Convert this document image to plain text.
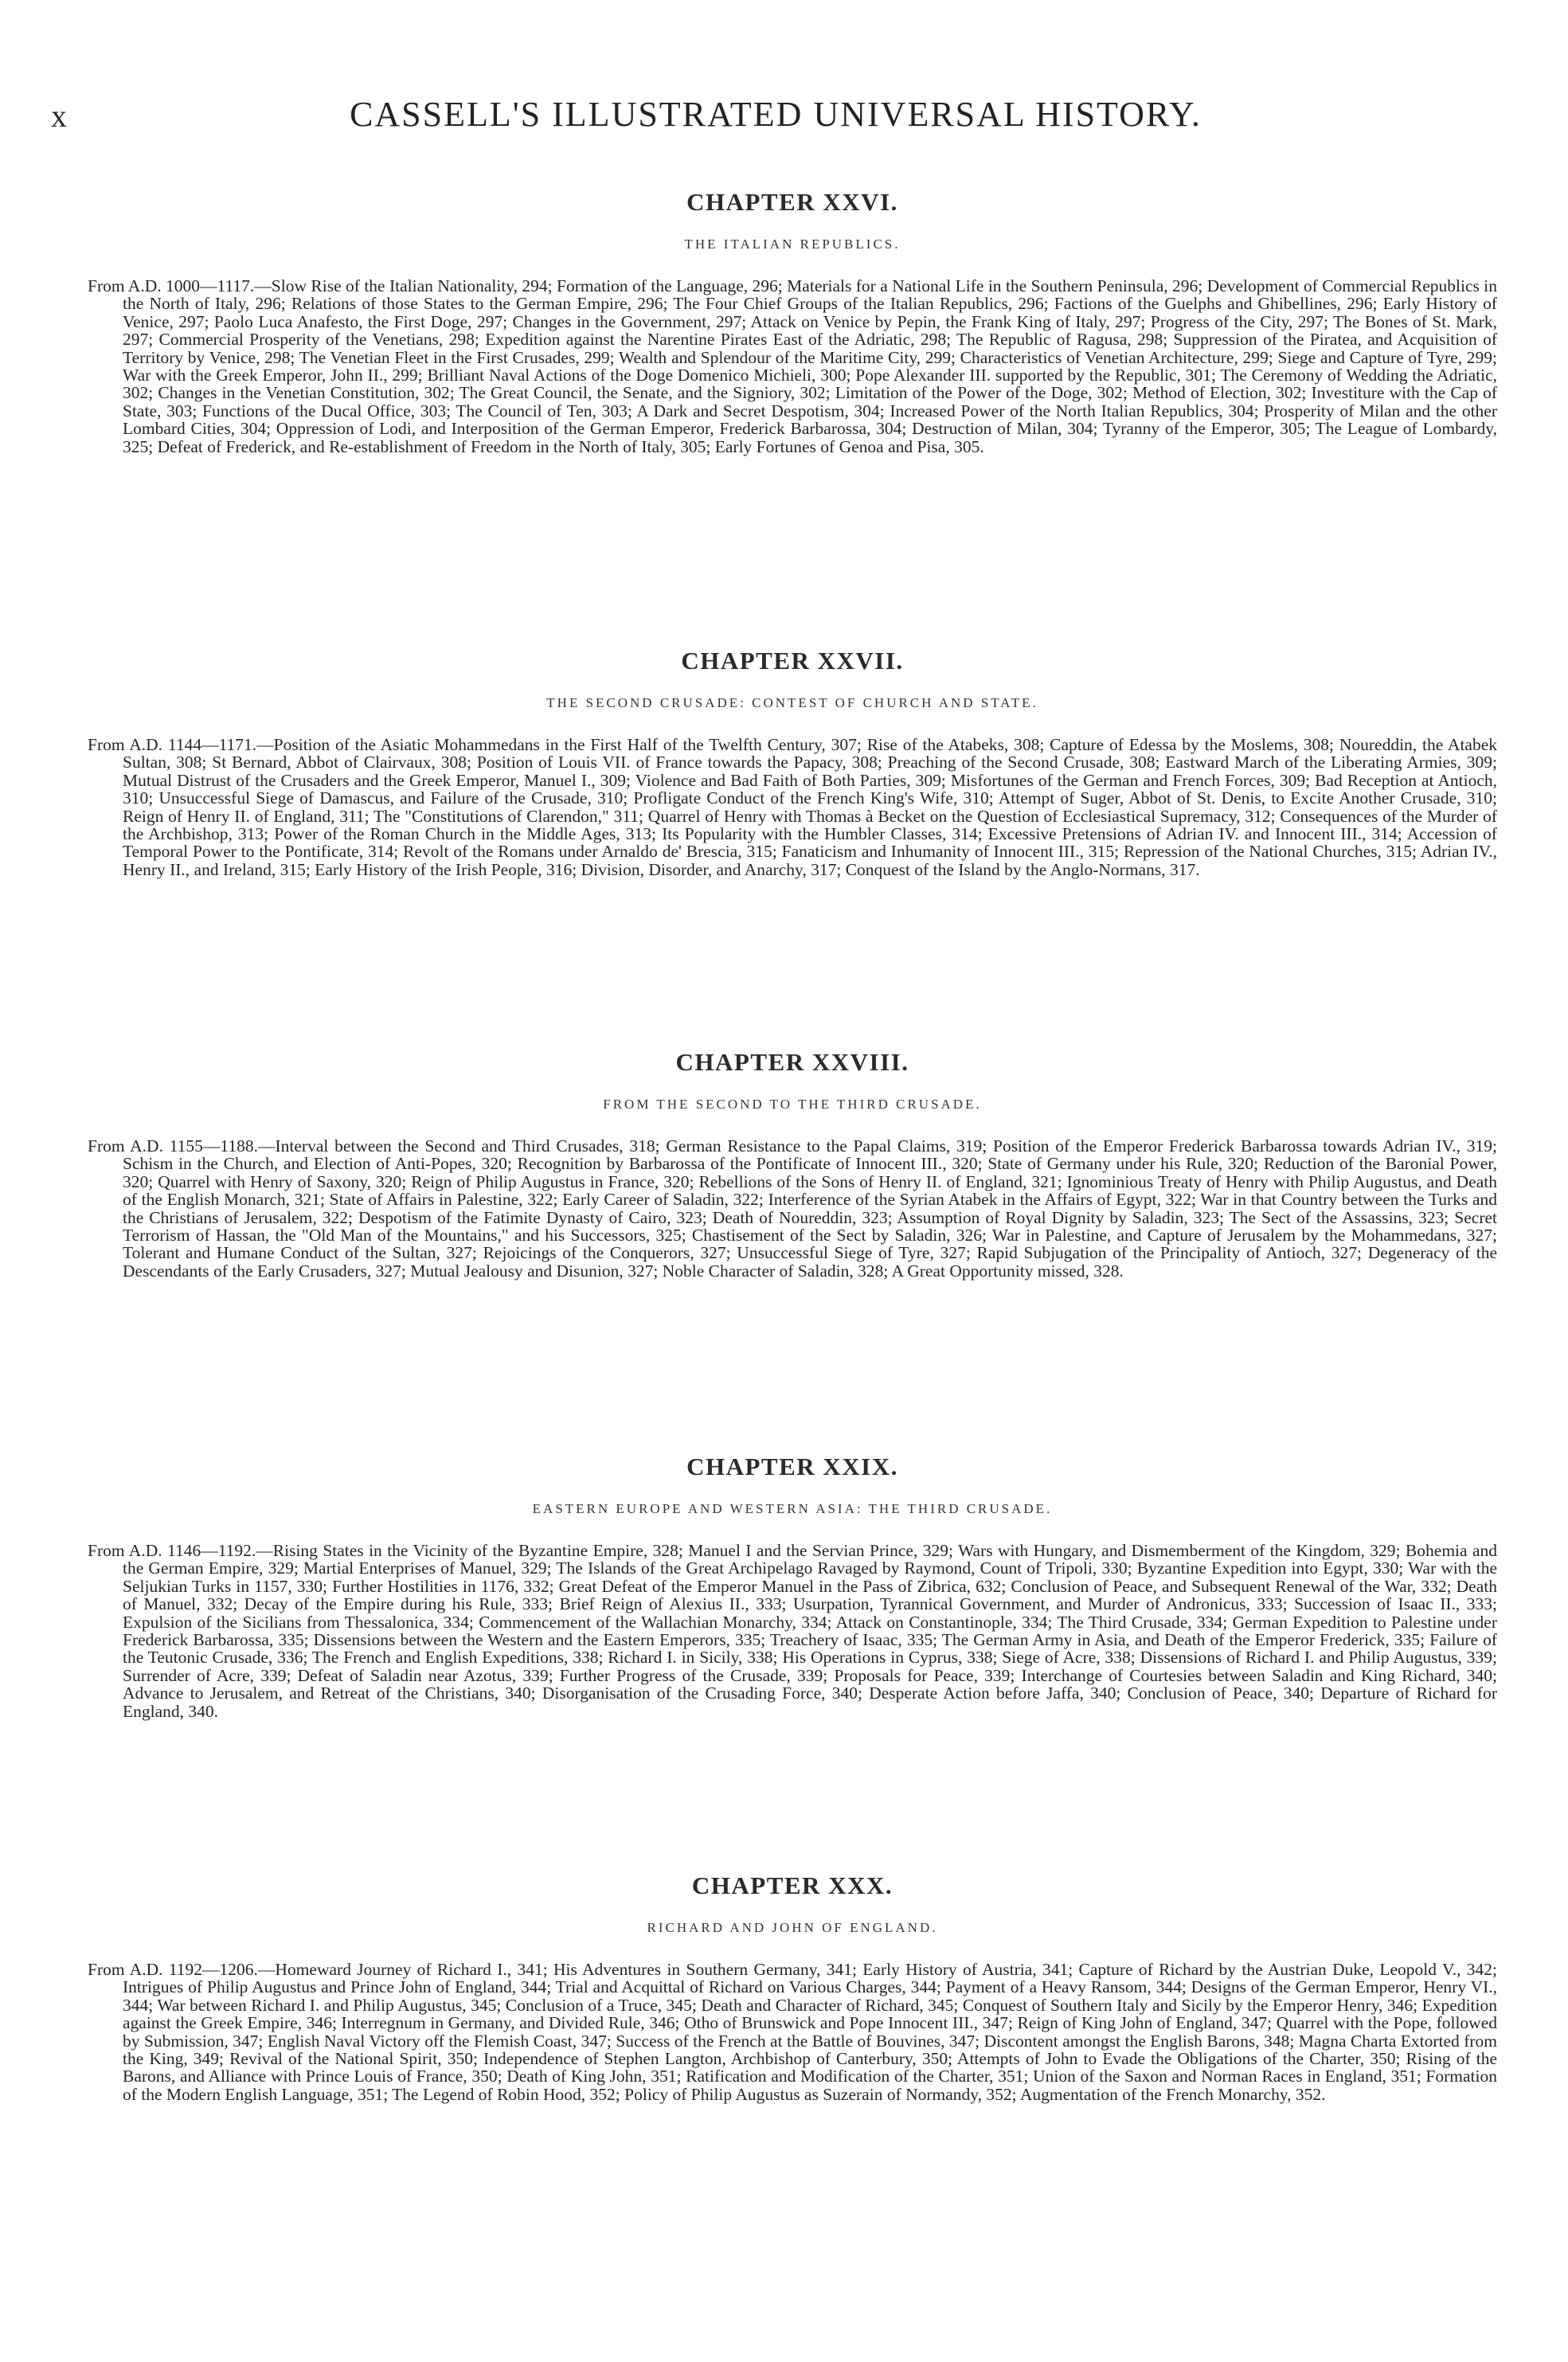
x	CASSELL'S ILLUSTRATED UNIVERSAL HISTORY.
CHAPTER XXVI.
THE ITALIAN REPUBLICS.

From A.D. 1000—1117.—Slow Rise of the Italian Nationality, 294; Formation of the Language, 296; Materials for a National Life in the Southern Peninsula, 296; Development of Commercial Republics in the North of Italy, 296; Relations of those States to the German Empire, 296; The Four Chief Groups of the Italian Republics, 296; Factions of the Guelphs and Ghibellines, 296; Early History of Venice, 297; Paolo Luca Anafesto, the First Doge, 297; Changes in the Government, 297; Attack on Venice by Pepin, the Frank King of Italy, 297; Progress of the City, 297; The Bones of St. Mark, 297; Commercial Prosperity of the Venetians, 298; Expedition against the Narentine Pirates East of the Adriatic, 298; The Republic of Ragusa, 298; Suppression of the Piratea, and Acquisition of Territory by Venice, 298; The Venetian Fleet in the First Crusades, 299; Wealth and Splendour of the Maritime City, 299; Characteristics of Venetian Architecture, 299; Siege and Capture of Tyre, 299; War with the Greek Emperor, John II., 299; Brilliant Naval Actions of the Doge Domenico Michieli, 300; Pope Alexander III. supported by the Republic, 301; The Ceremony of Wedding the Adriatic, 302; Changes in the Venetian Constitution, 302; The Great Council, the Senate, and the Signiory, 302; Limitation of the Power of the Doge, 302; Method of Election, 302; Investiture with the Cap of State, 303; Functions of the Ducal Office, 303; The Council of Ten, 303; A Dark and Secret Despotism, 304; Increased Power of the North Italian Republics, 304; Prosperity of Milan and the other Lombard Cities, 304; Oppression of Lodi, and Interposition of the German Emperor, Frederick Barbarossa, 304; Destruction of Milan, 304; Tyranny of the Emperor, 305; The League of Lombardy, 325; Defeat of Frederick, and Re-establishment of Freedom in the North of Italy, 305; Early Fortunes of Genoa and Pisa, 305.

CHAPTER XXVII.
THE SECOND CRUSADE: CONTEST OF CHURCH AND STATE.

From A.D. 1144—1171.—Position of the Asiatic Mohammedans in the First Half of the Twelfth Century, 307; Rise of the Atabeks, 308; Capture of Edessa by the Moslems, 308; Noureddin, the Atabek Sultan, 308; St Bernard, Abbot of Clairvaux, 308; Position of Louis VII. of France towards the Papacy, 308; Preaching of the Second Crusade, 308; Eastward March of the Liberating Armies, 309; Mutual Distrust of the Crusaders and the Greek Emperor, Manuel I., 309; Violence and Bad Faith of Both Parties, 309; Misfortunes of the German and French Forces, 309; Bad Reception at Antioch, 310; Unsuccessful Siege of Damascus, and Failure of the Crusade, 310; Profligate Conduct of the French King's Wife, 310; Attempt of Suger, Abbot of St. Denis, to Excite Another Crusade, 310; Reign of Henry II. of England, 311; The "Constitutions of Clarendon," 311; Quarrel of Henry with Thomas à Becket on the Question of Ecclesiastical Supremacy, 312; Consequences of the Murder of the Archbishop, 313; Power of the Roman Church in the Middle Ages, 313; Its Popularity with the Humbler Classes, 314; Excessive Pretensions of Adrian IV. and Innocent III., 314; Accession of Temporal Power to the Pontificate, 314; Revolt of the Romans under Arnaldo de' Brescia, 315; Fanaticism and Inhumanity of Innocent III., 315; Repression of the National Churches, 315; Adrian IV., Henry II., and Ireland, 315; Early History of the Irish People, 316; Division, Disorder, and Anarchy, 317; Conquest of the Island by the Anglo-Normans, 317.

CHAPTER XXVIII.
FROM THE SECOND TO THE THIRD CRUSADE.

From A.D. 1155—1188.—Interval between the Second and Third Crusades, 318; German Resistance to the Papal Claims, 319; Position of the Emperor Frederick Barbarossa towards Adrian IV., 319; Schism in the Church, and Election of Anti-Popes, 320; Recognition by Barbarossa of the Pontificate of Innocent III., 320; State of Germany under his Rule, 320; Reduction of the Baronial Power, 320; Quarrel with Henry of Saxony, 320; Reign of Philip Augustus in France, 320; Rebellions of the Sons of Henry II. of England, 321; Ignominious Treaty of Henry with Philip Augustus, and Death of the English Monarch, 321; State of Affairs in Palestine, 322; Early Career of Saladin, 322; Interference of the Syrian Atabek in the Affairs of Egypt, 322; War in that Country between the Turks and the Christians of Jerusalem, 322; Despotism of the Fatimite Dynasty of Cairo, 323; Death of Noureddin, 323; Assumption of Royal Dignity by Saladin, 323; The Sect of the Assassins, 323; Secret Terrorism of Hassan, the "Old Man of the Mountains," and his Successors, 325; Chastisement of the Sect by Saladin, 326; War in Palestine, and Capture of Jerusalem by the Mohammedans, 327; Tolerant and Humane Conduct of the Sultan, 327; Rejoicings of the Conquerors, 327; Unsuccessful Siege of Tyre, 327; Rapid Subjugation of the Principality of Antioch, 327; Degeneracy of the Descendants of the Early Crusaders, 327; Mutual Jealousy and Disunion, 327; Noble Character of Saladin, 328; A Great Opportunity missed, 328.

CHAPTER XXIX.
EASTERN EUROPE AND WESTERN ASIA: THE THIRD CRUSADE.

From A.D. 1146—1192.—Rising States in the Vicinity of the Byzantine Empire, 328; Manuel I and the Servian Prince, 329; Wars with Hungary, and Dismemberment of the Kingdom, 329; Bohemia and the German Empire, 329; Martial Enterprises of Manuel, 329; The Islands of the Great Archipelago Ravaged by Raymond, Count of Tripoli, 330; Byzantine Expedition into Egypt, 330; War with the Seljukian Turks in 1157, 330; Further Hostilities in 1176, 332; Great Defeat of the Emperor Manuel in the Pass of Zibrica, 632; Conclusion of Peace, and Subsequent Renewal of the War, 332; Death of Manuel, 332; Decay of the Empire during his Rule, 333; Brief Reign of Alexius II., 333; Usurpation, Tyrannical Government, and Murder of Andronicus, 333; Succession of Isaac II., 333; Expulsion of the Sicilians from Thessalonica, 334; Commencement of the Wallachian Monarchy, 334; Attack on Constantinople, 334; The Third Crusade, 334; German Expedition to Palestine under Frederick Barbarossa, 335; Dissensions between the Western and the Eastern Emperors, 335; Treachery of Isaac, 335; The German Army in Asia, and Death of the Emperor Frederick, 335; Failure of the Teutonic Crusade, 336; The French and English Expeditions, 338; Richard I. in Sicily, 338; His Operations in Cyprus, 338; Siege of Acre, 338; Dissensions of Richard I. and Philip Augustus, 339; Surrender of Acre, 339; Defeat of Saladin near Azotus, 339; Further Progress of the Crusade, 339; Proposals for Peace, 339; Interchange of Courtesies between Saladin and King Richard, 340; Advance to Jerusalem, and Retreat of the Christians, 340; Disorganisation of the Crusading Force, 340; Desperate Action before Jaffa, 340; Conclusion of Peace, 340; Departure of Richard for England, 340.

CHAPTER XXX.
RICHARD AND JOHN OF ENGLAND.

From A.D. 1192—1206.—Homeward Journey of Richard I., 341; His Adventures in Southern Germany, 341; Early History of Austria, 341; Capture of Richard by the Austrian Duke, Leopold V., 342; Intrigues of Philip Augustus and Prince John of England, 344; Trial and Acquittal of Richard on Various Charges, 344; Payment of a Heavy Ransom, 344; Designs of the German Emperor, Henry VI., 344; War between Richard I. and Philip Augustus, 345; Conclusion of a Truce, 345; Death and Character of Richard, 345; Conquest of Southern Italy and Sicily by the Emperor Henry, 346; Expedition against the Greek Empire, 346; Interregnum in Germany, and Divided Rule, 346; Otho of Brunswick and Pope Innocent III., 347; Reign of King John of England, 347; Quarrel with the Pope, followed by Submission, 347; English Naval Victory off the Flemish Coast, 347; Success of the French at the Battle of Bouvines, 347; Discontent amongst the English Barons, 348; Magna Charta Extorted from the King, 349; Revival of the National Spirit, 350; Independence of Stephen Langton, Archbishop of Canterbury, 350; Attempts of John to Evade the Obligations of the Charter, 350; Rising of the Barons, and Alliance with Prince Louis of France, 350; Death of King John, 351; Ratification and Modification of the Charter, 351; Union of the Saxon and Norman Races in England, 351; Formation of the Modern English Language, 351; The Legend of Robin Hood, 352; Policy of Philip Augustus as Suzerain of Normandy, 352; Augmentation of the French Monarchy, 352.
